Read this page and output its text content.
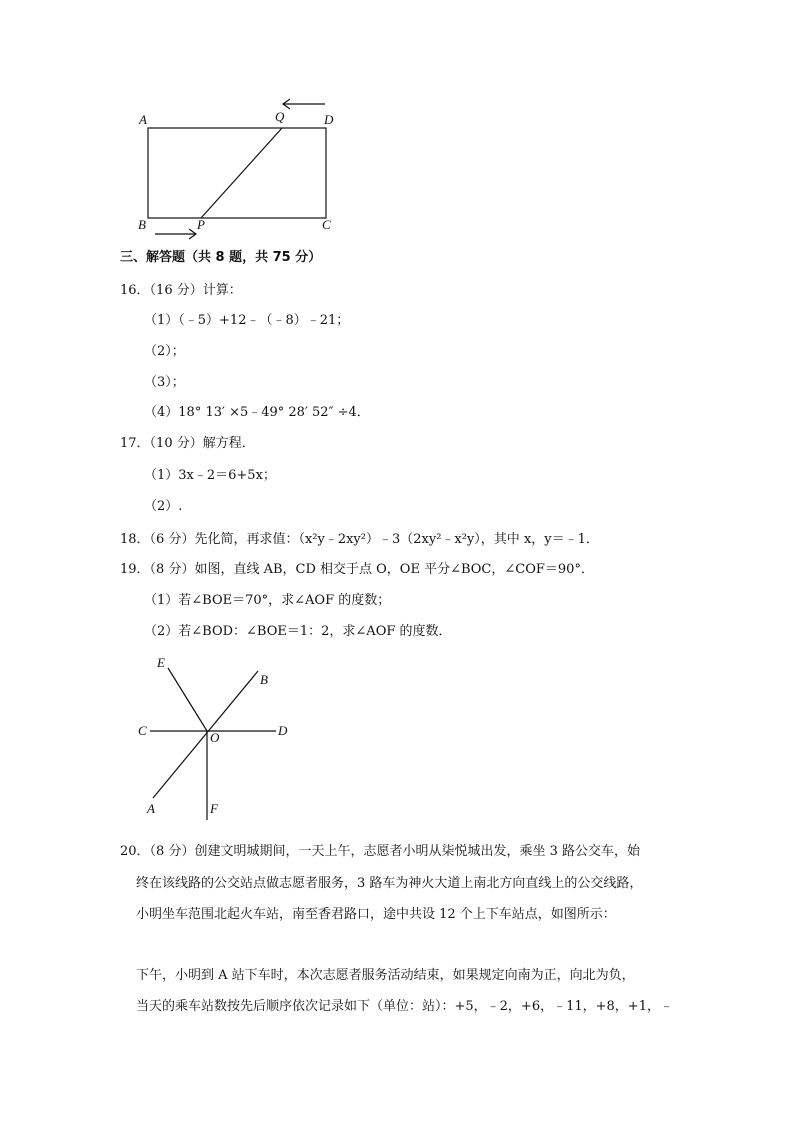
A	Q	D
B	P	C
三、解答题（共 8 题，共 75 分）
16．（16 分）计算：
（1）（﹣5）+12﹣（﹣8）﹣21；
（2）；
（3）；
（4）18° 13′ ×5﹣49° 28′ 52″ ÷4．
17．（10 分）解方程．
（1）3x﹣2＝6+5x；
（2）.
18．（6 分）先化简，再求值：（x²y﹣2xy²）﹣3（2xy²﹣x²y），其中 x，y＝﹣1．
19．（8 分）如图，直线 AB，CD 相交于点 O，OE 平分∠BOC，∠COF＝90°．
（1）若∠BOE＝70°，求∠AOF 的度数；
（2）若∠BOD：∠BOE＝1：2，求∠AOF 的度数．
E
B
C	O	D
A	F
20．（8 分）创建文明城期间，一天上午，志愿者小明从柒悦城出发，乘坐 3 路公交车，始
终在该线路的公交站点做志愿者服务，3 路车为神火大道上南北方向直线上的公交线路，
小明坐车范围北起火车站，南至香君路口，途中共设 12 个上下车站点，如图所示：
下午，小明到 A 站下车时，本次志愿者服务活动结束，如果规定向南为正，向北为负，
当天的乘车站数按先后顺序依次记录如下（单位：站）：+5，﹣2，+6，﹣11，+8，+1，﹣
